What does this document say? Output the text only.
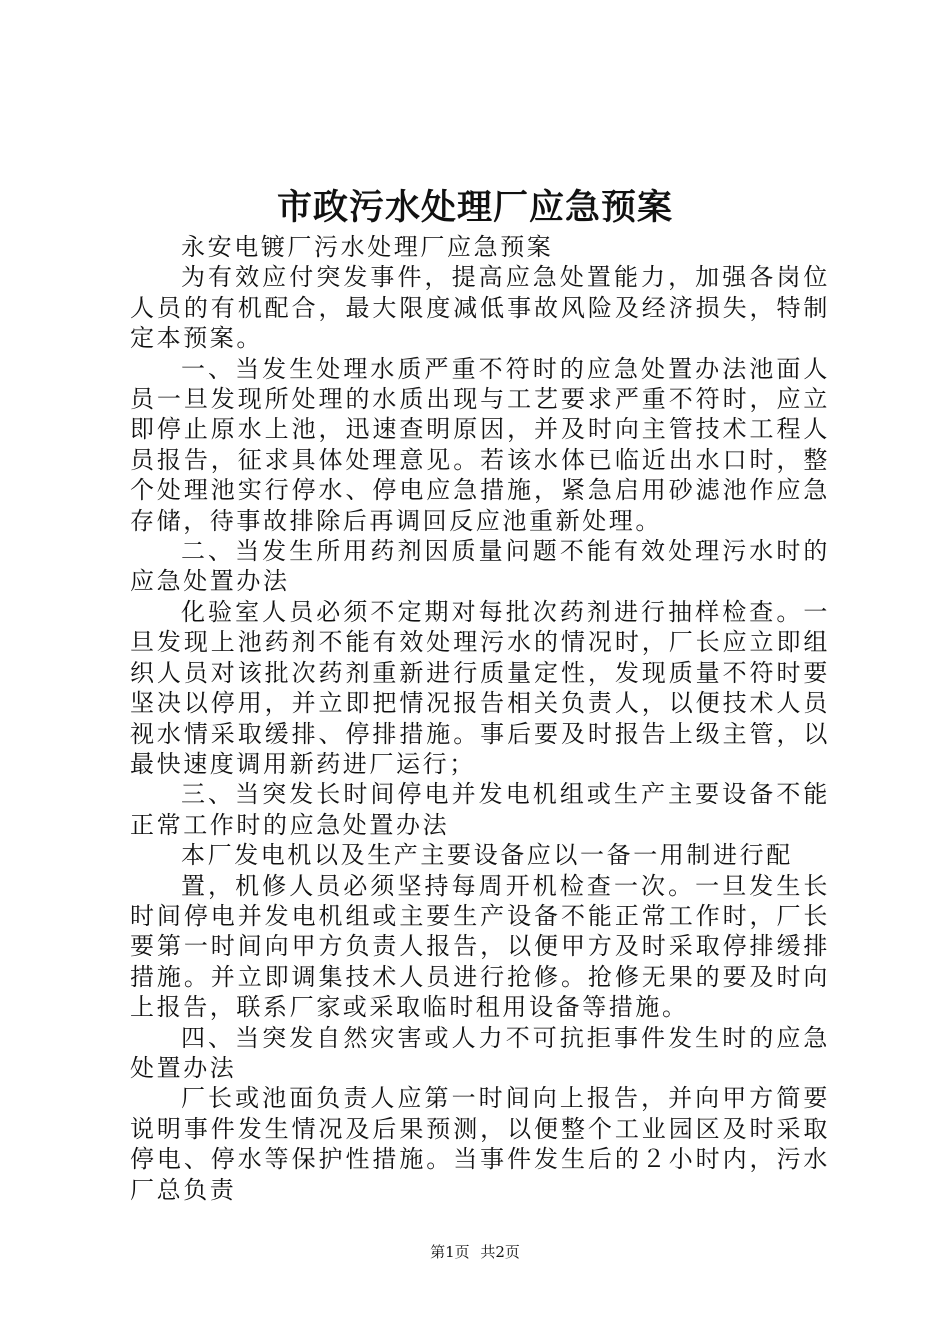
市政污水处理厂应急预案

永安电镀厂污水处理厂应急预案

为有效应付突发事件，提高应急处置能力，加强各岗位人员的有机配合，最大限度减低事故风险及经济损失，特制定本预案。

一、当发生处理水质严重不符时的应急处置办法池面人员一旦发现所处理的水质出现与工艺要求严重不符时，应立即停止原水上池，迅速查明原因，并及时向主管技术工程人员报告，征求具体处理意见。若该水体已临近出水口时，整个处理池实行停水、停电应急措施，紧急启用砂滤池作应急存储，待事故排除后再调回反应池重新处理。

二、当发生所用药剂因质量问题不能有效处理污水时的应急处置办法

化验室人员必须不定期对每批次药剂进行抽样检查。一旦发现上池药剂不能有效处理污水的情况时，厂长应立即组织人员对该批次药剂重新进行质量定性，发现质量不符时要坚决以停用，并立即把情况报告相关负责人，以便技术人员视水情采取缓排、停排措施。事后要及时报告上级主管，以最快速度调用新药进厂运行；

三、当突发长时间停电并发电机组或生产主要设备不能正常工作时的应急处置办法

本厂发电机以及生产主要设备应以一备一用制进行配

置，机修人员必须坚持每周开机检查一次。一旦发生长时间停电并发电机组或主要生产设备不能正常工作时，厂长要第一时间向甲方负责人报告，以便甲方及时采取停排缓排措施。并立即调集技术人员进行抢修。抢修无果的要及时向上报告，联系厂家或采取临时租用设备等措施。

四、当突发自然灾害或人力不可抗拒事件发生时的应急处置办法

厂长或池面负责人应第一时间向上报告，并向甲方简要说明事件发生情况及后果预测，以便整个工业园区及时采取停电、停水等保护性措施。当事件发生后的２小时内，污水厂总负责

第1页 共2页
